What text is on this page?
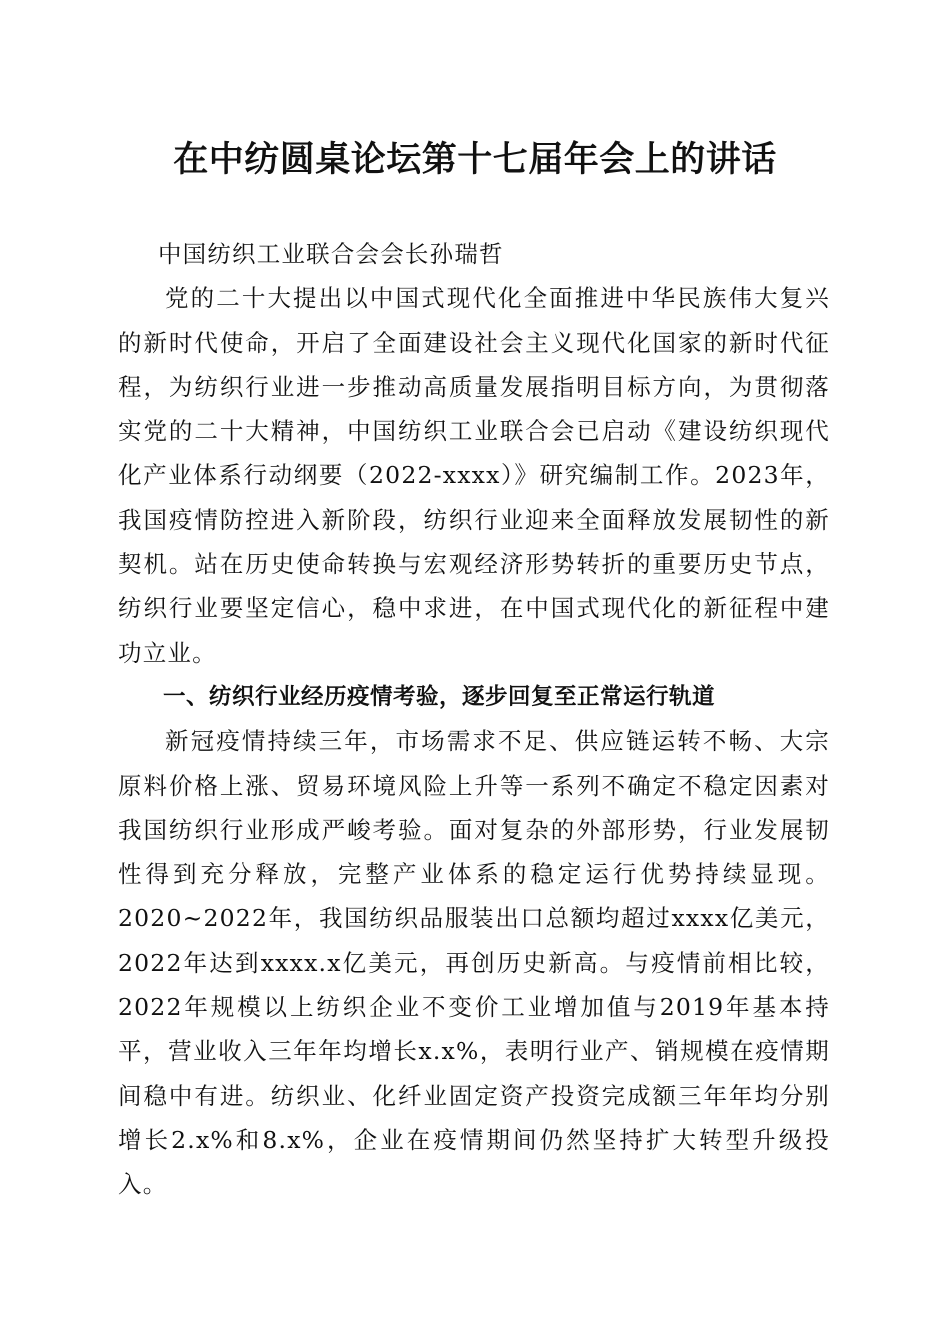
在中纺圆桌论坛第十七届年会上的讲话

中国纺织工业联合会会长孙瑞哲

党的二十大提出以中国式现代化全面推进中华民族伟大复兴的新时代使命，开启了全面建设社会主义现代化国家的新时代征程，为纺织行业进一步推动高质量发展指明目标方向，为贯彻落实党的二十大精神，中国纺织工业联合会已启动《建设纺织现代化产业体系行动纲要（2022-xxxx）》研究编制工作。2023年，我国疫情防控进入新阶段，纺织行业迎来全面释放发展韧性的新契机。站在历史使命转换与宏观经济形势转折的重要历史节点，纺织行业要坚定信心，稳中求进，在中国式现代化的新征程中建功立业。

一、纺织行业经历疫情考验，逐步回复至正常运行轨道

新冠疫情持续三年，市场需求不足、供应链运转不畅、大宗原料价格上涨、贸易环境风险上升等一系列不确定不稳定因素对我国纺织行业形成严峻考验。面对复杂的外部形势，行业发展韧性得到充分释放，完整产业体系的稳定运行优势持续显现。2020~2022年，我国纺织品服装出口总额均超过xxxx亿美元，2022年达到xxxx.x亿美元，再创历史新高。与疫情前相比较，2022年规模以上纺织企业不变价工业增加值与2019年基本持平，营业收入三年年均增长x.x%，表明行业产、销规模在疫情期间稳中有进。纺织业、化纤业固定资产投资完成额三年年均分别增长2.x%和8.x%，企业在疫情期间仍然坚持扩大转型升级投入。
